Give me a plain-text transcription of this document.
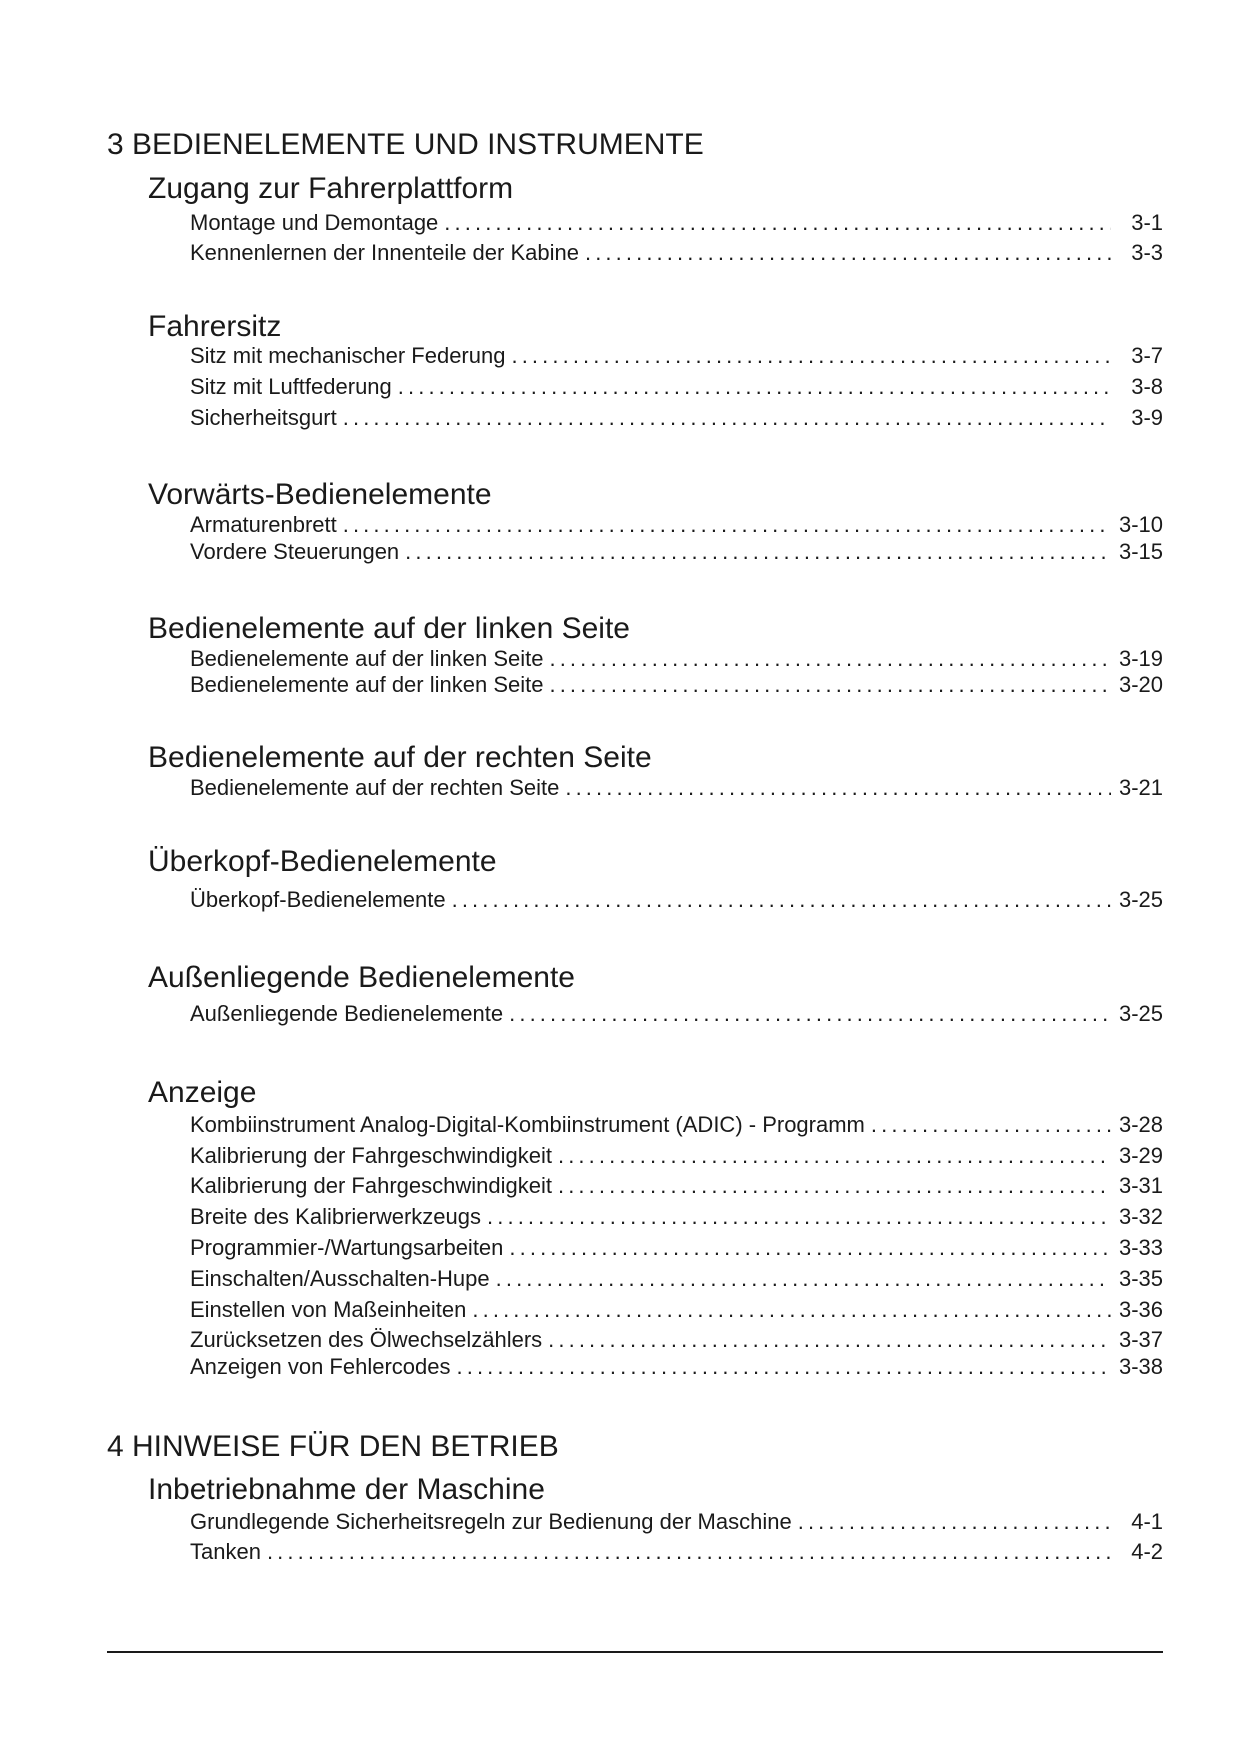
3 BEDIENELEMENTE UND INSTRUMENTE
Zugang zur Fahrerplattform
Montage und Demontage . . .	3-1
Kennenlernen der Innenteile der Kabine . . .	3-3
Fahrersitz
Sitz mit mechanischer Federung . . .	3-7
Sitz mit Luftfederung . . .	3-8
Sicherheitsgurt . . .	3-9
Vorwärts-Bedienelemente
Armaturenbrett . . .	3-10
Vordere Steuerungen . . .	3-15
Bedienelemente auf der linken Seite
Bedienelemente auf der linken Seite . . .	3-19
Bedienelemente auf der linken Seite . . .	3-20
Bedienelemente auf der rechten Seite
Bedienelemente auf der rechten Seite . . .	3-21
Überkopf-Bedienelemente
Überkopf-Bedienelemente . . .	3-25
Außenliegende Bedienelemente
Außenliegende Bedienelemente . . .	3-25
Anzeige
Kombiinstrument Analog-Digital-Kombiinstrument (ADIC) - Programm . . .	3-28
Kalibrierung der Fahrgeschwindigkeit . . .	3-29
Kalibrierung der Fahrgeschwindigkeit . . .	3-31
Breite des Kalibrierwerkzeugs . . .	3-32
Programmier-/Wartungsarbeiten . . .	3-33
Einschalten/Ausschalten-Hupe . . .	3-35
Einstellen von Maßeinheiten . . .	3-36
Zurücksetzen des Ölwechselzählers . . .	3-37
Anzeigen von Fehlercodes . . .	3-38
4 HINWEISE FÜR DEN BETRIEB
Inbetriebnahme der Maschine
Grundlegende Sicherheitsregeln zur Bedienung der Maschine . . .	4-1
Tanken . . .	4-2
